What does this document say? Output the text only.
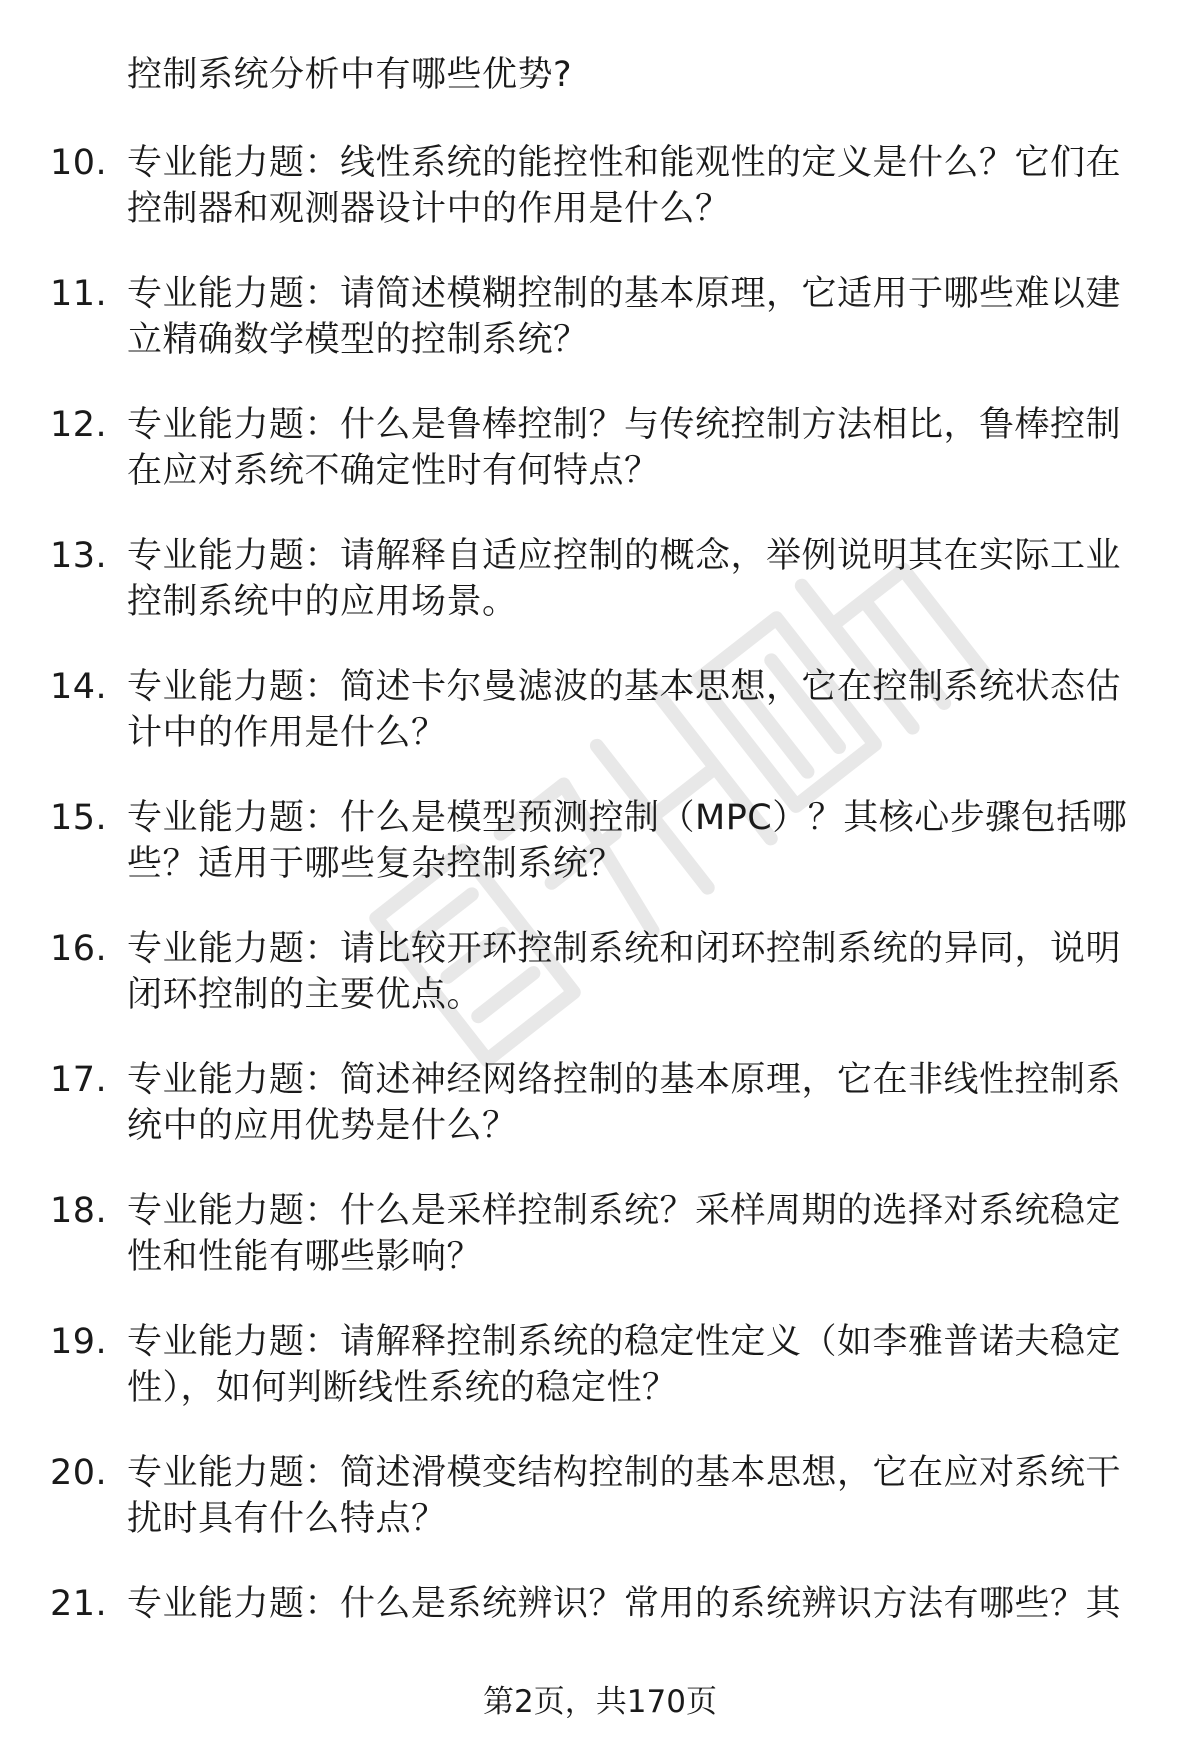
控制系统分析中有哪些优势?
10. 专业能力题：线性系统的能控性和能观性的定义是什么？它们在
控制器和观测器设计中的作用是什么？
11. 专业能力题：请简述模糊控制的基本原理，它适用于哪些难以建
立精确数学模型的控制系统？
12. 专业能力题：什么是鲁棒控制？与传统控制方法相比，鲁棒控制
在应对系统不确定性时有何特点？
13. 专业能力题：请解释自适应控制的概念，举例说明其在实际工业
控制系统中的应用场景。
14. 专业能力题：简述卡尔曼滤波的基本思想，它在控制系统状态估
计中的作用是什么？
15. 专业能力题：什么是模型预测控制（MPC）？其核心步骤包括哪
些？适用于哪些复杂控制系统？
16. 专业能力题：请比较开环控制系统和闭环控制系统的异同，说明
闭环控制的主要优点。
17. 专业能力题：简述神经网络控制的基本原理，它在非线性控制系
统中的应用优势是什么？
18. 专业能力题：什么是采样控制系统？采样周期的选择对系统稳定
性和性能有哪些影响？
19. 专业能力题：请解释控制系统的稳定性定义（如李雅普诺夫稳定
性），如何判断线性系统的稳定性？
20. 专业能力题：简述滑模变结构控制的基本思想，它在应对系统干
扰时具有什么特点？
21. 专业能力题：什么是系统辨识？常用的系统辨识方法有哪些？其
第2页，共170页
